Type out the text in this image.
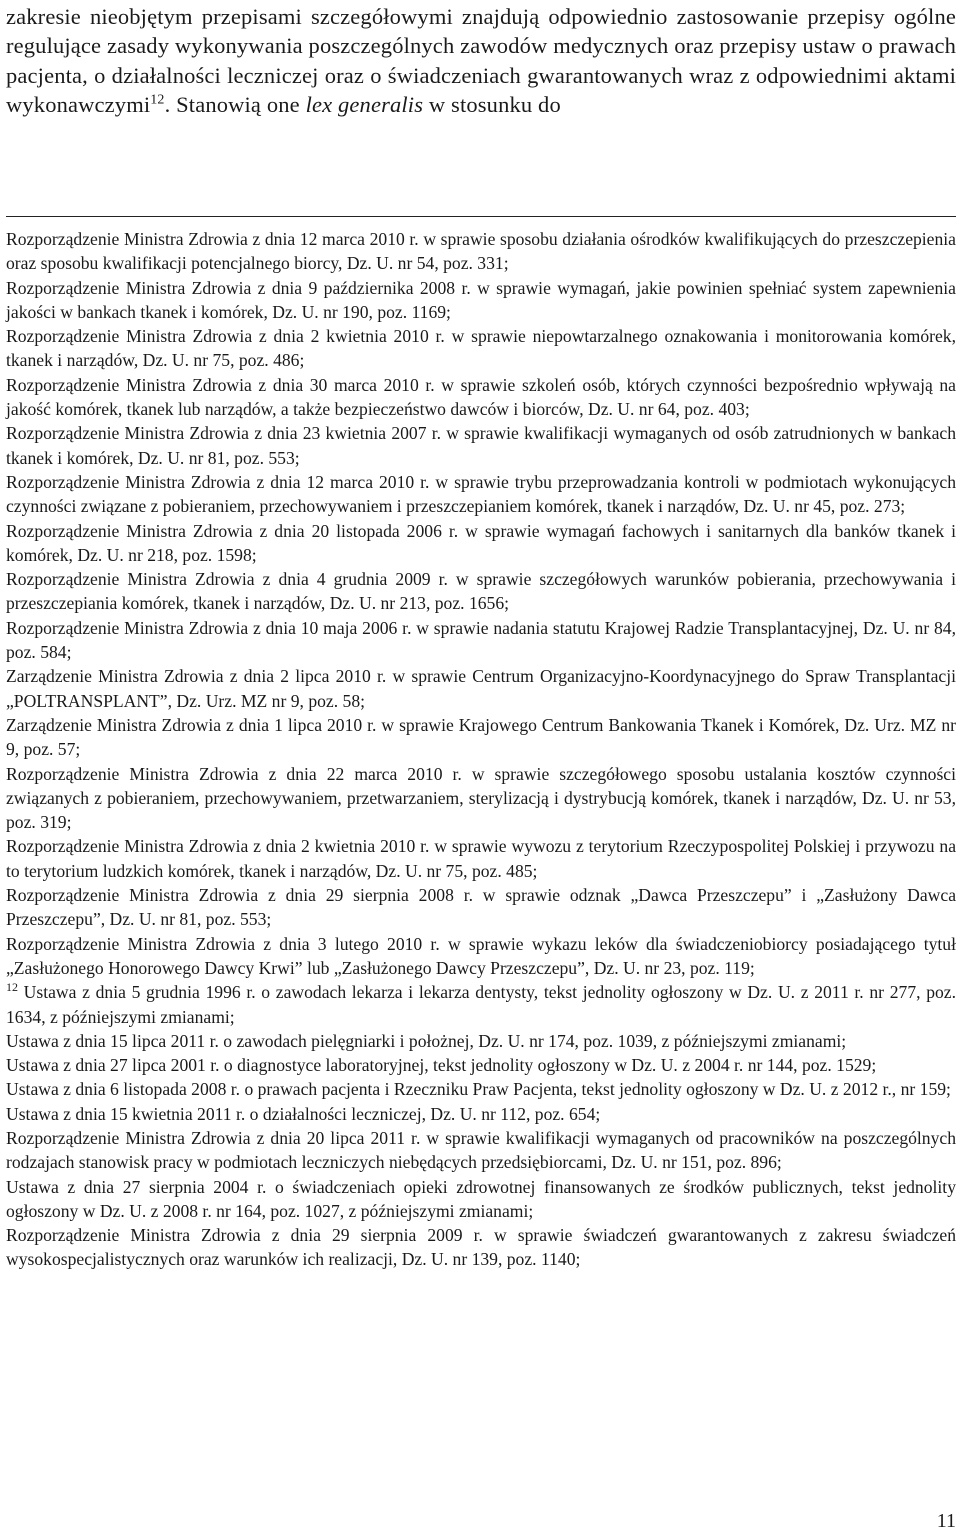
zakresie nieobjętym przepisami szczegółowymi znajdują odpowiednio zastosowanie przepisy ogólne regulujące zasady wykonywania poszczególnych zawodów medycznych oraz przepisy ustaw o prawach pacjenta, o działalności leczniczej oraz o świadczeniach gwarantowanych wraz z odpowiednimi aktami wykonawczymi$^{12}$. Stanowią one lex generalis w stosunku do
Rozporządzenie Ministra Zdrowia z dnia 12 marca 2010 r. w sprawie sposobu działania ośrodków kwalifikujących do przeszczepienia oraz sposobu kwalifikacji potencjalnego biorcy, Dz. U. nr 54, poz. 331;
Rozporządzenie Ministra Zdrowia z dnia 9 października 2008 r. w sprawie wymagań, jakie powinien spełniać system zapewnienia jakości w bankach tkanek i komórek, Dz. U. nr 190, poz. 1169;
Rozporządzenie Ministra Zdrowia z dnia 2 kwietnia 2010 r. w sprawie niepowtarzalnego oznakowania i monitorowania komórek, tkanek i narządów, Dz. U. nr 75, poz. 486;
Rozporządzenie Ministra Zdrowia z dnia 30 marca 2010 r. w sprawie szkoleń osób, których czynności bezpośrednio wpływają na jakość komórek, tkanek lub narządów, a także bezpieczeństwo dawców i biorców, Dz. U. nr 64, poz. 403;
Rozporządzenie Ministra Zdrowia z dnia 23 kwietnia 2007 r. w sprawie kwalifikacji wymaganych od osób zatrudnionych w bankach tkanek i komórek, Dz. U. nr 81, poz. 553;
Rozporządzenie Ministra Zdrowia z dnia 12 marca 2010 r. w sprawie trybu przeprowadzania kontroli w podmiotach wykonujących czynności związane z pobieraniem, przechowywaniem i przeszczepianiem komórek, tkanek i narządów, Dz. U. nr 45, poz. 273;
Rozporządzenie Ministra Zdrowia z dnia 20 listopada 2006 r. w sprawie wymagań fachowych i sanitarnych dla banków tkanek i komórek, Dz. U. nr 218, poz. 1598;
Rozporządzenie Ministra Zdrowia z dnia 4 grudnia 2009 r. w sprawie szczegółowych warunków pobierania, przechowywania i przeszczepiania komórek, tkanek i narządów, Dz. U. nr 213, poz. 1656;
Rozporządzenie Ministra Zdrowia z dnia 10 maja 2006 r. w sprawie nadania statutu Krajowej Radzie Transplantacyjnej, Dz. U. nr 84, poz. 584;
Zarządzenie Ministra Zdrowia z dnia 2 lipca 2010 r. w sprawie Centrum Organizacyjno-Koordynacyjnego do Spraw Transplantacji „POLTRANSPLANT”, Dz. Urz. MZ nr 9, poz. 58;
Zarządzenie Ministra Zdrowia z dnia 1 lipca 2010 r. w sprawie Krajowego Centrum Bankowania Tkanek i Komórek, Dz. Urz. MZ nr 9, poz. 57;
Rozporządzenie Ministra Zdrowia z dnia 22 marca 2010 r. w sprawie szczegółowego sposobu ustalania kosztów czynności związanych z pobieraniem, przechowywaniem, przetwarzaniem, sterylizacją i dystrybucją komórek, tkanek i narządów, Dz. U. nr 53, poz. 319;
Rozporządzenie Ministra Zdrowia z dnia 2 kwietnia 2010 r. w sprawie wywozu z terytorium Rzeczypospolitej Polskiej i przywozu na to terytorium ludzkich komórek, tkanek i narządów, Dz. U. nr 75, poz. 485;
Rozporządzenie Ministra Zdrowia z dnia 29 sierpnia 2008 r. w sprawie odznak „Dawca Przeszczepu” i „Zasłużony Dawca Przeszczepu”, Dz. U. nr 81, poz. 553;
Rozporządzenie Ministra Zdrowia z dnia 3 lutego 2010 r. w sprawie wykazu leków dla świadczeniobiorcy posiadającego tytuł „Zasłużonego Honorowego Dawcy Krwi” lub „Zasłużonego Dawcy Przeszczepu”, Dz. U. nr 23, poz. 119;
$^{12}$ Ustawa z dnia 5 grudnia 1996 r. o zawodach lekarza i lekarza dentysty, tekst jednolity ogłoszony w Dz. U. z 2011 r. nr 277, poz. 1634, z późniejszymi zmianami;
Ustawa z dnia 15 lipca 2011 r. o zawodach pielęgniarki i położnej, Dz. U. nr 174, poz. 1039, z późniejszymi zmianami;
Ustawa z dnia 27 lipca 2001 r. o diagnostyce laboratoryjnej, tekst jednolity ogłoszony w Dz. U. z 2004 r. nr 144, poz. 1529;
Ustawa z dnia 6 listopada 2008 r. o prawach pacjenta i Rzeczniku Praw Pacjenta, tekst jednolity ogłoszony w Dz. U. z 2012 r., nr 159;
Ustawa z dnia 15 kwietnia 2011 r. o działalności leczniczej, Dz. U. nr 112, poz. 654;
Rozporządzenie Ministra Zdrowia z dnia 20 lipca 2011 r. w sprawie kwalifikacji wymaganych od pracowników na poszczególnych rodzajach stanowisk pracy w podmiotach leczniczych niebędących przedsiębiorcami, Dz. U. nr 151, poz. 896;
Ustawa z dnia 27 sierpnia 2004 r. o świadczeniach opieki zdrowotnej finansowanych ze środków publicznych, tekst jednolity ogłoszony w Dz. U. z 2008 r. nr 164, poz. 1027, z późniejszymi zmianami;
Rozporządzenie Ministra Zdrowia z dnia 29 sierpnia 2009 r. w sprawie świadczeń gwarantowanych z zakresu świadczeń wysokospecjalistycznych oraz warunków ich realizacji, Dz. U. nr 139, poz. 1140;
11
